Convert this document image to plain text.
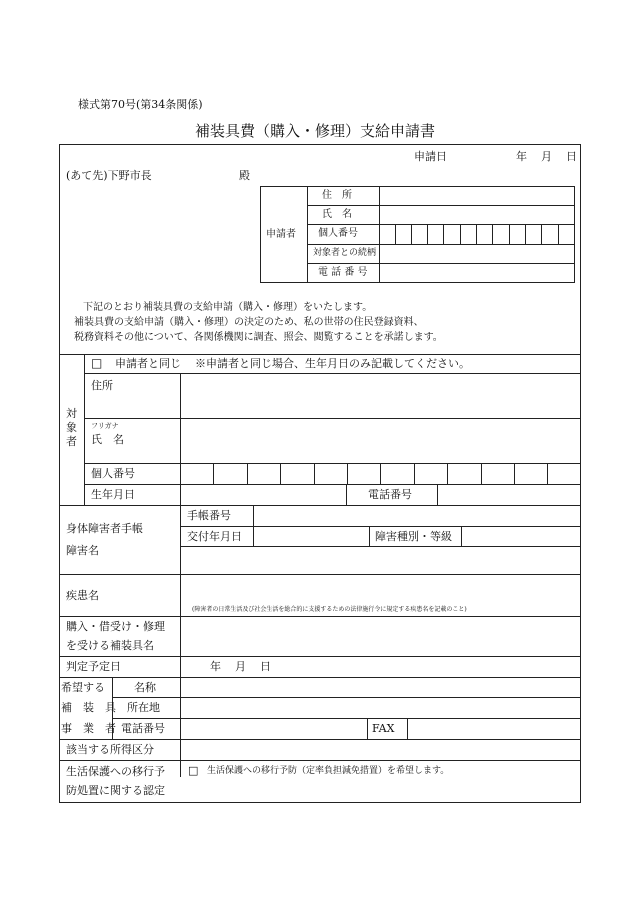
様式第70号(第34条関係)
補装具費（購入・修理）支給申請書
申請日	年 月 日
(あて先)下野市長	殿
申請者
住　所
氏　名
個人番号
対象者との続柄
電 話 番 号
下記のとおり補装具費の支給申請（購入・修理）をいたします。
補装具費の支給申請（購入・修理）の決定のため、私の世帯の住民登録資料、
税務資料その他について、各関係機関に調査、照会、閲覧することを承諾します。
対
象
者
□ 申請者と同じ ※申請者と同じ場合、生年月日のみ記載してください。
住所
フリガナ
氏　名
個人番号
生年月日	電話番号
身体障害者手帳
障害名
手帳番号
交付年月日	障害種別・等級
疾患名
(障害者の日常生活及び社会生活を総合的に支援するための法律施行令に規定する疾患名を記載のこと)
購入・借受け・修理
を受ける補装具名
判定予定日	年 月 日
希望する
補　装　具
事　業　者
名称
所在地
電話番号	FAX
該当する所得区分
生活保護への移行予
防処置に関する認定
□ 生活保護への移行予防（定率負担減免措置）を希望します。
